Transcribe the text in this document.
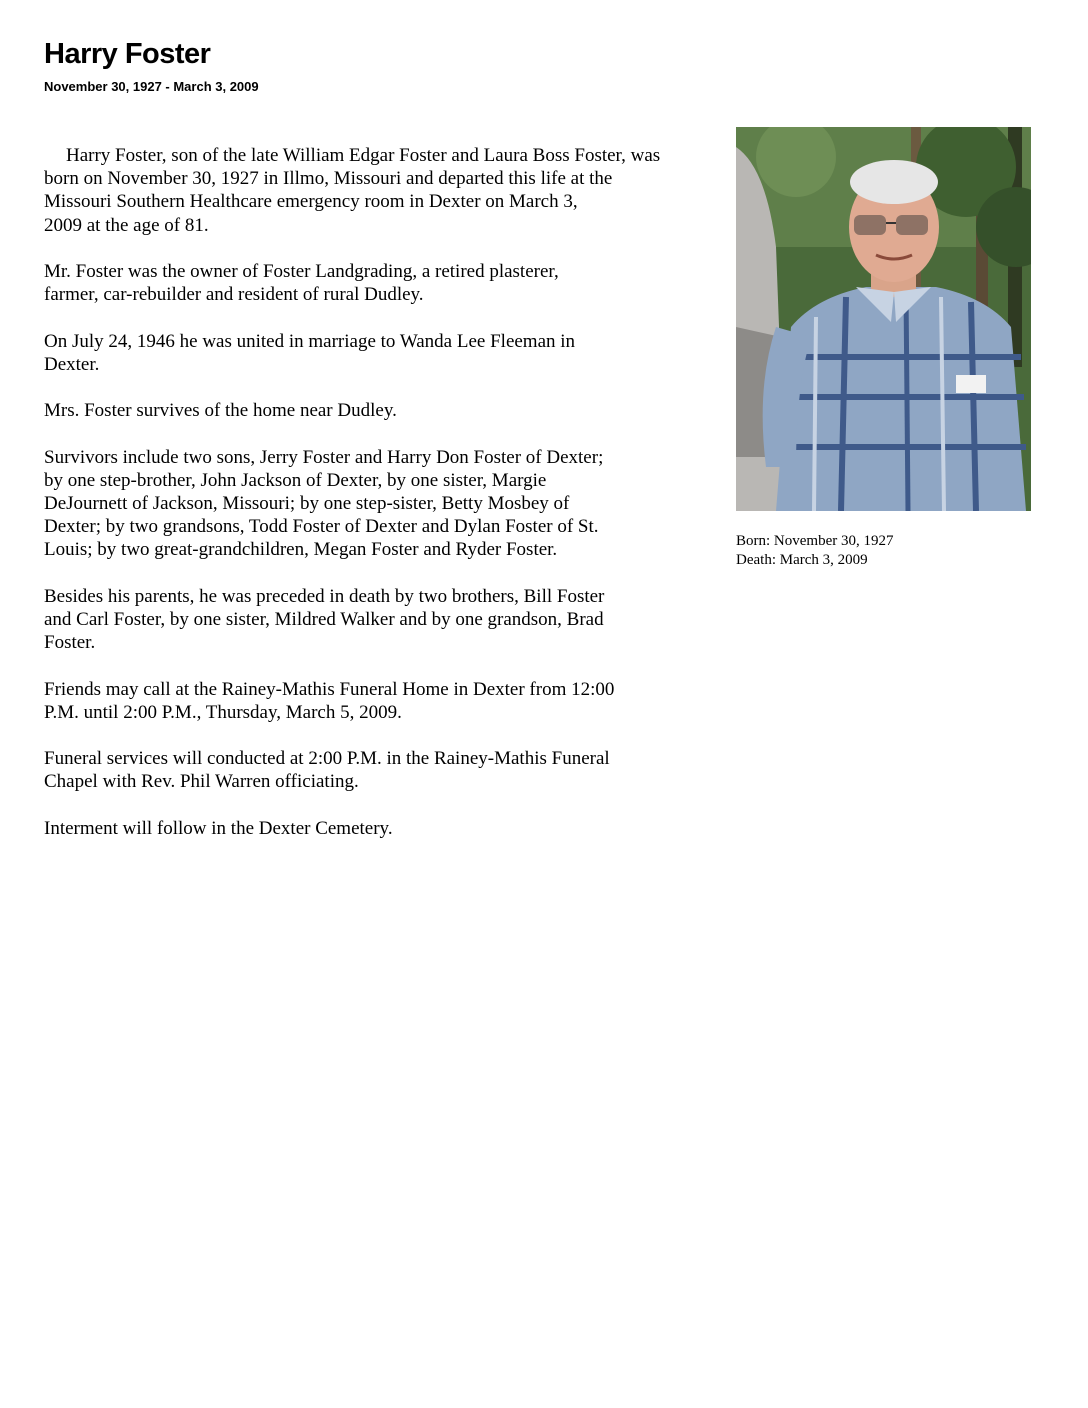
Harry Foster
November 30, 1927 - March 3, 2009

Harry Foster, son of the late William Edgar Foster and Laura Boss Foster, was
born on November 30, 1927 in Illmo, Missouri and departed this life at the
Missouri Southern Healthcare emergency room in Dexter on March 3,
2009 at the age of 81.

Mr. Foster was the owner of Foster Landgrading, a retired plasterer,
farmer, car-rebuilder and resident of rural Dudley.

On July 24, 1946 he was united in marriage to Wanda Lee Fleeman in
Dexter.

Mrs. Foster survives of the home near Dudley.

Survivors include two sons, Jerry Foster and Harry Don Foster of Dexter;
by one step-brother, John Jackson of Dexter, by one sister, Margie
DeJournett of Jackson, Missouri; by one step-sister, Betty Mosbey of
Dexter; by two grandsons, Todd Foster of Dexter and Dylan Foster of St.
Louis; by two great-grandchildren, Megan Foster and Ryder Foster.

Besides his parents, he was preceded in death by two brothers, Bill Foster
and Carl Foster, by one sister, Mildred Walker and by one grandson, Brad
Foster.

Friends may call at the Rainey-Mathis Funeral Home in Dexter from 12:00
P.M. until 2:00 P.M., Thursday, March 5, 2009.

Funeral services will conducted at 2:00 P.M. in the Rainey-Mathis Funeral
Chapel with Rev. Phil Warren officiating.

Interment will follow in the Dexter Cemetery.

Born: November 30, 1927
Death: March 3, 2009
